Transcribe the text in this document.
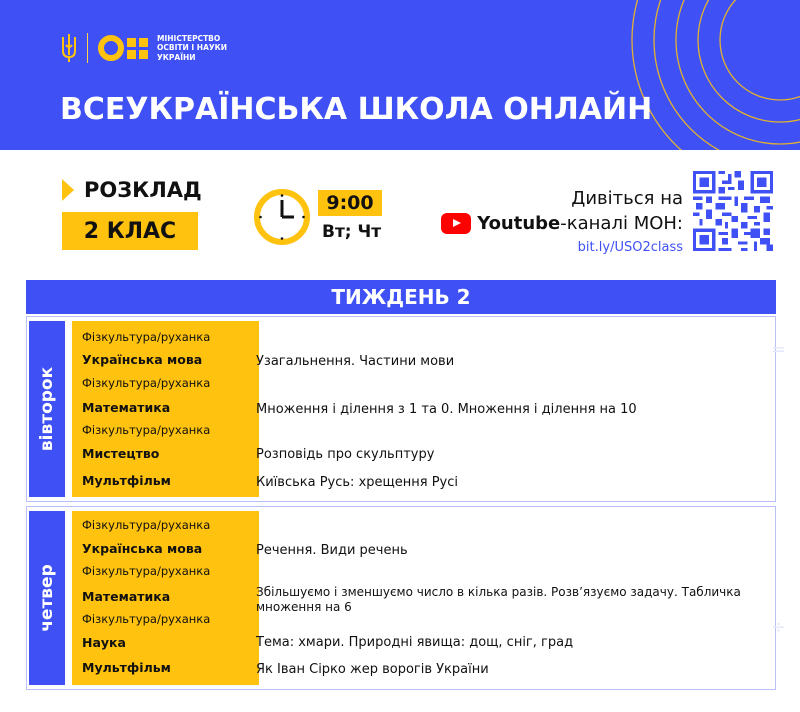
МІНІСТЕРСТВО
ОСВІТИ І НАУКИ
УКРАЇНИ
ВСЕУКРАЇНСЬКА ШКОЛА ОНЛАЙН
РОЗКЛАД
2 КЛАС
9:00
Вт; Чт
Дивіться на
Youtube -каналі МОН:
bit.ly/USO2class
ТИЖДЕНЬ 2
вівторок
Фізкультура/руханка
Українська мова	Узагальнення. Частини мови
Фізкультура/руханка
Математика	Множення і ділення з 1 та 0. Множення і ділення на 10
Фізкультура/руханка
Мистецтво	Розповідь про скульптуру
Мультфільм	Київська Русь: хрещення Русі
=
четвер
Фізкультура/руханка
Українська мова	Речення. Види речень
Фізкультура/руханка
Математика	Збільшуємо і зменшуємо число в кілька разів. Розв’язуємо задачу. Табличка множення на 6
Фізкультура/руханка
Наука	Тема: хмари. Природні явища: дощ, сніг, град
Мультфільм	Як Іван Сірко жер ворогів України
÷
